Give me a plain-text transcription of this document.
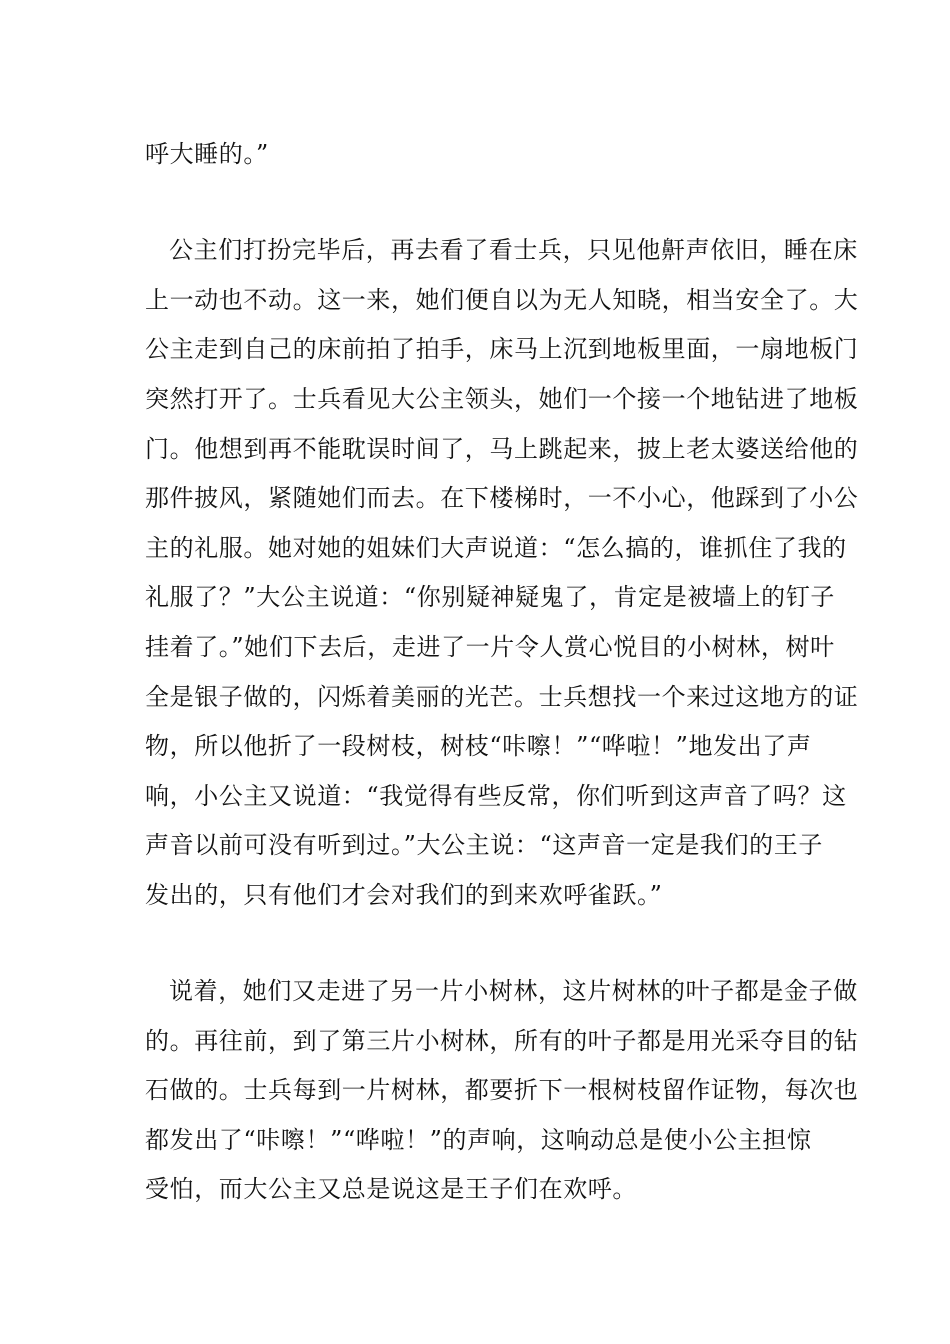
呼大睡的。”
公主们打扮完毕后，再去看了看士兵，只见他鼾声依旧，睡在床
上一动也不动。这一来，她们便自以为无人知晓，相当安全了。大
公主走到自己的床前拍了拍手，床马上沉到地板里面，一扇地板门
突然打开了。士兵看见大公主领头，她们一个接一个地钻进了地板
门。他想到再不能耽误时间了，马上跳起来，披上老太婆送给他的
那件披风，紧随她们而去。在下楼梯时，一不小心，他踩到了小公
主的礼服。她对她的姐妹们大声说道：“怎么搞的，谁抓住了我的
礼服了？”大公主说道：“你别疑神疑鬼了，肯定是被墙上的钉子
挂着了。”她们下去后，走进了一片令人赏心悦目的小树林，树叶
全是银子做的，闪烁着美丽的光芒。士兵想找一个来过这地方的证
物，所以他折了一段树枝，树枝“咔嚓！”“哗啦！”地发出了声
响，小公主又说道：“我觉得有些反常，你们听到这声音了吗？这
声音以前可没有听到过。”大公主说：“这声音一定是我们的王子
发出的，只有他们才会对我们的到来欢呼雀跃。”
说着，她们又走进了另一片小树林，这片树林的叶子都是金子做
的。再往前，到了第三片小树林，所有的叶子都是用光采夺目的钻
石做的。士兵每到一片树林，都要折下一根树枝留作证物，每次也
都发出了“咔嚓！”“哗啦！”的声响，这响动总是使小公主担惊
受怕，而大公主又总是说这是王子们在欢呼。
